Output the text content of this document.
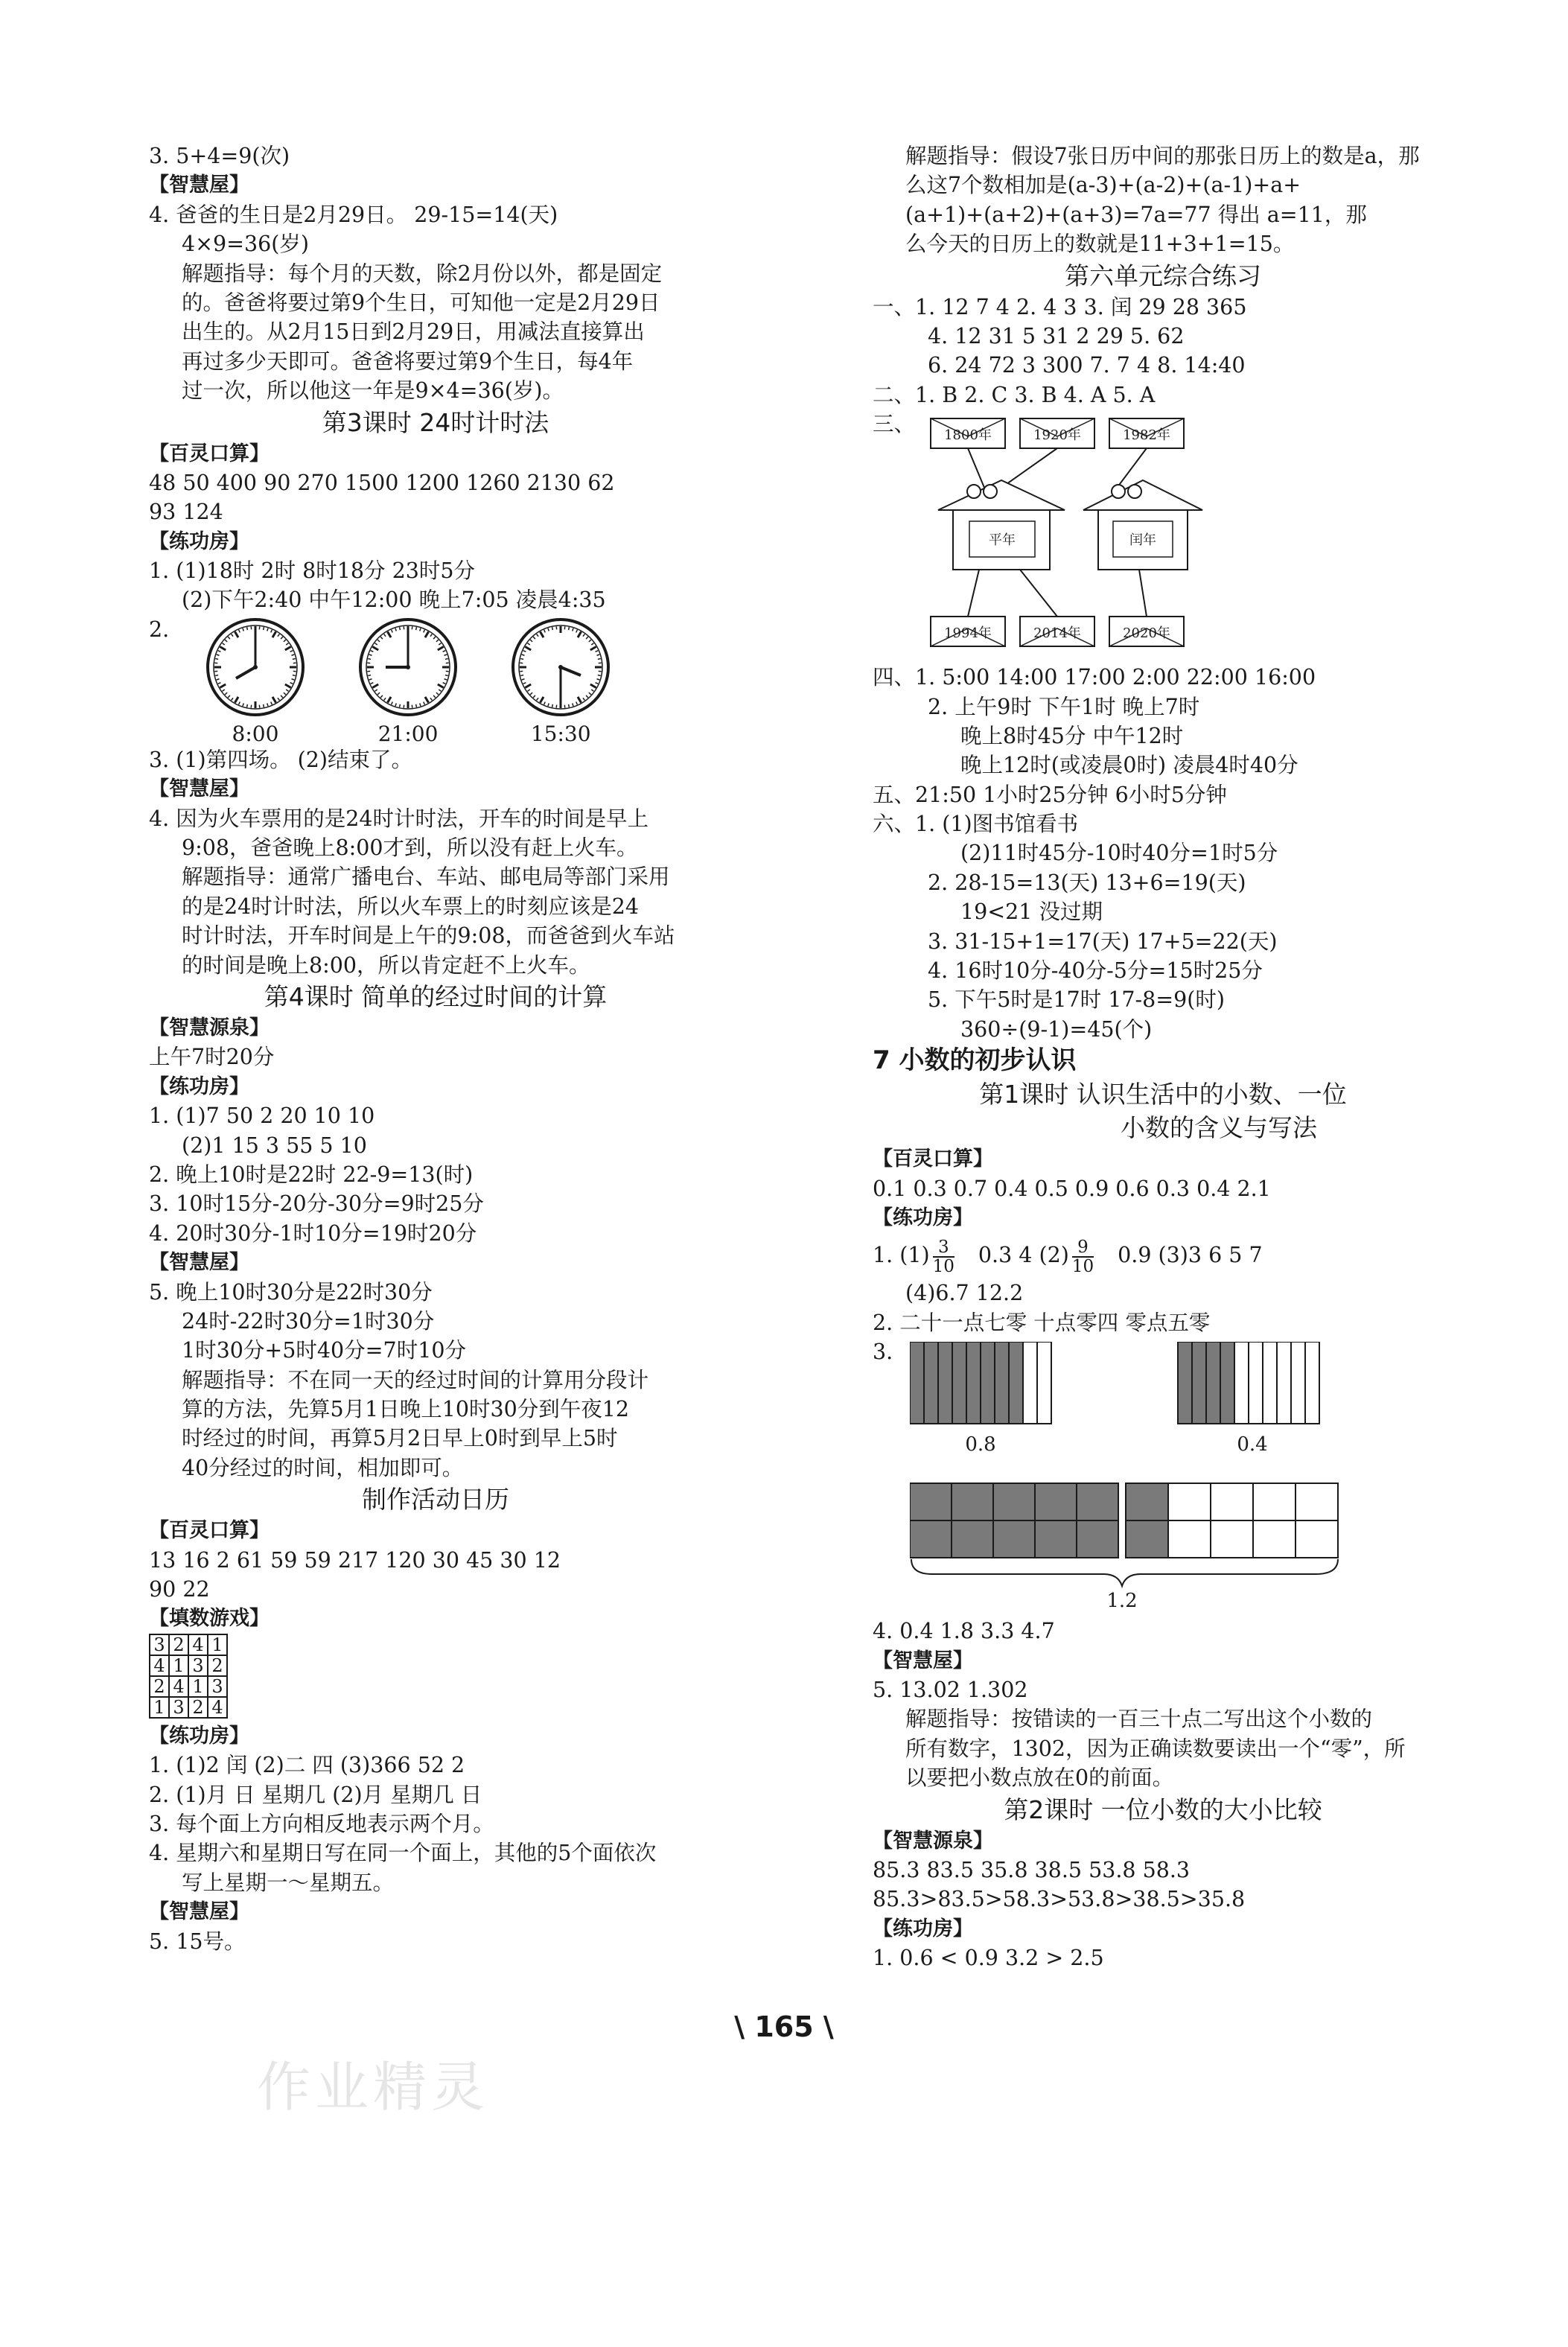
3. 5+4=9(次)
【智慧屋】
4. 爸爸的生日是2月29日。 29-15=14(天)
4×9=36(岁)
解题指导：每个月的天数，除2月份以外，都是固定
的。爸爸将要过第9个生日，可知他一定是2月29日
出生的。从2月15日到2月29日，用减法直接算出
再过多少天即可。爸爸将要过第9个生日，每4年
过一次，所以他这一年是9×4=36(岁)。
第3课时 24时计时法
【百灵口算】
48 50 400 90 270 1500 1200 1260 2130 62
93 124
【练功房】
1. (1)18时 2时 8时18分 23时5分
(2)下午2:40 中午12:00 晚上7:05 凌晨4:35
2.
8:00
	21:00
	15:30
3. (1)第四场。 (2)结束了。
【智慧屋】
4. 因为火车票用的是24时计时法，开车的时间是早上
9:08，爸爸晚上8:00才到，所以没有赶上火车。
解题指导：通常广播电台、车站、邮电局等部门采用
的是24时计时法，所以火车票上的时刻应该是24
时计时法，开车时间是上午的9:08，而爸爸到火车站
的时间是晚上8:00，所以肯定赶不上火车。
第4课时 简单的经过时间的计算
【智慧源泉】
上午7时20分
【练功房】
1. (1)7 50 2 20 10 10
(2)1 15 3 55 5 10
2. 晚上10时是22时 22-9=13(时)
3. 10时15分-20分-30分=9时25分
4. 20时30分-1时10分=19时20分
【智慧屋】
5. 晚上10时30分是22时30分
24时-22时30分=1时30分
1时30分+5时40分=7时10分
解题指导：不在同一天的经过时间的计算用分段计
算的方法，先算5月1日晚上10时30分到午夜12
时经过的时间，再算5月2日早上0时到早上5时
40分经过的时间，相加即可。
制作活动日历
【百灵口算】
13 16 2 61 59 59 217 120 30 45 30 12
90 22
【填数游戏】
3	2	4	1
4	1	3	2
2	4	1	3
1	3	2	4
【练功房】
1. (1)2 闰 (2)二 四 (3)366 52 2
2. (1)月 日 星期几 (2)月 星期几 日
3. 每个面上方向相反地表示两个月。
4. 星期六和星期日写在同一个面上，其他的5个面依次
写上星期一～星期五。
【智慧屋】
5. 15号。
解题指导：假设7张日历中间的那张日历上的数是a，那
么这7个数相加是(a-3)+(a-2)+(a-1)+a+
(a+1)+(a+2)+(a+3)=7a=77 得出 a=11，那
么今天的日历上的数就是11+3+1=15。
第六单元综合练习
一、1. 12 7 4 2. 4 3 3. 闰 29 28 365
4. 12 31 5 31 2 29 5. 62
6. 24 72 3 300 7. 7 4 8. 14:40
二、1. B 2. C 3. B 4. A 5. A
三、 1800年	1920年	1982年
平年	闰年
1994年	2014年	2020年
四、1. 5:00 14:00 17:00 2:00 22:00 16:00
2. 上午9时 下午1时 晚上7时
晚上8时45分 中午12时
晚上12时(或凌晨0时) 凌晨4时40分
五、21:50 1小时25分钟 6小时5分钟
六、1. (1)图书馆看书
(2)11时45分-10时40分=1时5分
2. 28-15=13(天) 13+6=19(天)
19<21 没过期
3. 31-15+1=17(天) 17+5=22(天)
4. 16时10分-40分-5分=15时25分
5. 下午5时是17时 17-8=9(时)
360÷(9-1)=45(个)
7 小数的初步认识
第1课时 认识生活中的小数、一位
小数的含义与写法
【百灵口算】
0.1 0.3 0.7 0.4 0.5 0.9 0.6 0.3 0.4 2.1
【练功房】
1. $(1) \frac{3}{10} 0.3$ 4 $(2) \frac{9}{10} 0.9$ (3)3 6 5 7
(4)6.7 12.2
2. 二十一点七零 十点零四 零点五零
3.
0.8	0.4
1.2
4. 0.4 1.8 3.3 4.7
【智慧屋】
5. 13.02 1.302
解题指导：按错读的一百三十点二写出这个小数的
所有数字，1302，因为正确读数要读出一个“零”，所
以要把小数点放在0的前面。
第2课时 一位小数的大小比较
【智慧源泉】
85.3 83.5 35.8 38.5 53.8 58.3
85.3>83.5>58.3>53.8>38.5>35.8
【练功房】
1. 0.6 < 0.9 3.2 > 2.5
\ 165 \
作业精灵
